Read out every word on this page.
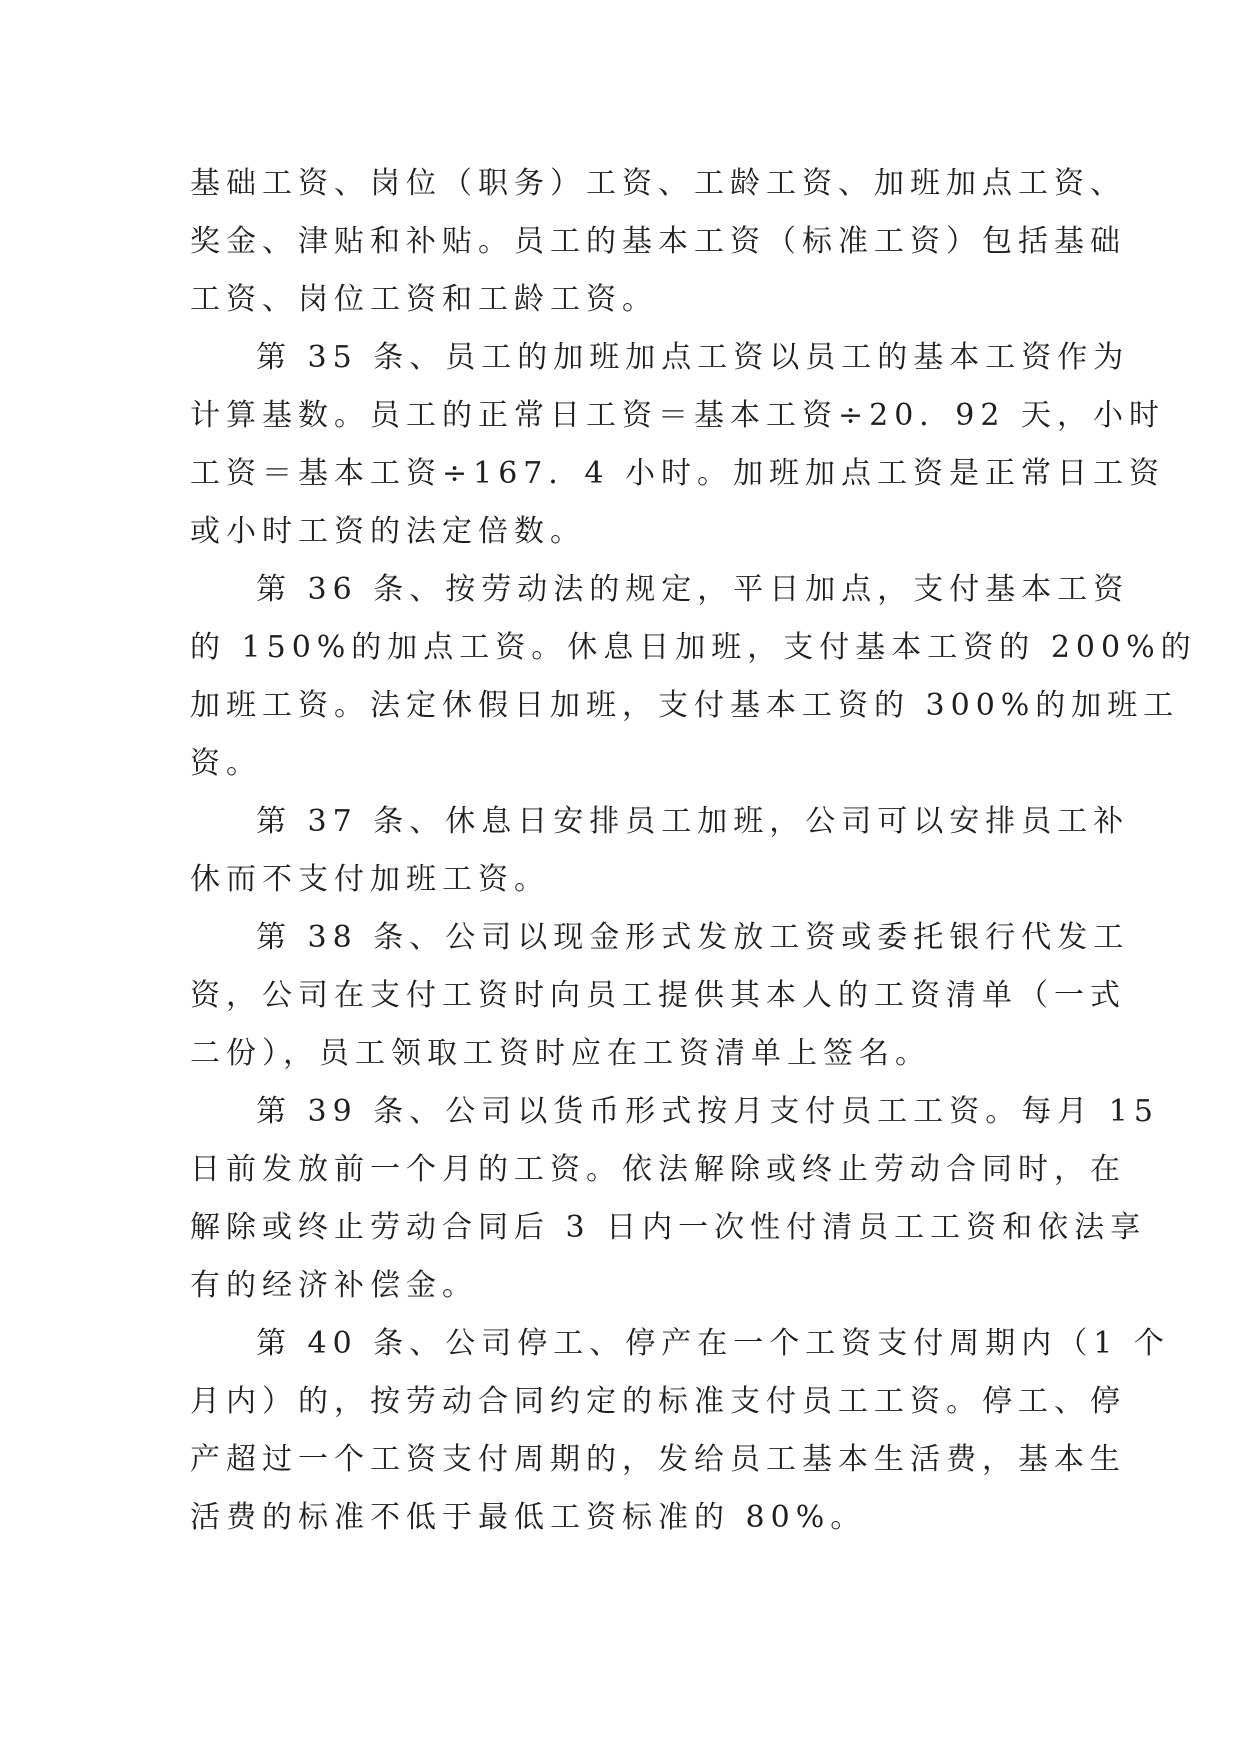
基础工资、岗位（职务）工资、工龄工资、加班加点工资、
奖金、津贴和补贴。员工的基本工资（标准工资）包括基础
工资、岗位工资和工龄工资。
第 35 条、员工的加班加点工资以员工的基本工资作为
计算基数。员工的正常日工资＝基本工资÷20．92 天，小时
工资＝基本工资÷167．4 小时。加班加点工资是正常日工资
或小时工资的法定倍数。
第 36 条、按劳动法的规定，平日加点，支付基本工资
的 150%的加点工资。休息日加班，支付基本工资的 200%的
加班工资。法定休假日加班，支付基本工资的 300%的加班工
资。
第 37 条、休息日安排员工加班，公司可以安排员工补
休而不支付加班工资。
第 38 条、公司以现金形式发放工资或委托银行代发工
资，公司在支付工资时向员工提供其本人的工资清单（一式
二份），员工领取工资时应在工资清单上签名。
第 39 条、公司以货币形式按月支付员工工资。每月 15
日前发放前一个月的工资。依法解除或终止劳动合同时，在
解除或终止劳动合同后 3 日内一次性付清员工工资和依法享
有的经济补偿金。
第 40 条、公司停工、停产在一个工资支付周期内（1 个
月内）的，按劳动合同约定的标准支付员工工资。停工、停
产超过一个工资支付周期的，发给员工基本生活费，基本生
活费的标准不低于最低工资标准的 80%。
